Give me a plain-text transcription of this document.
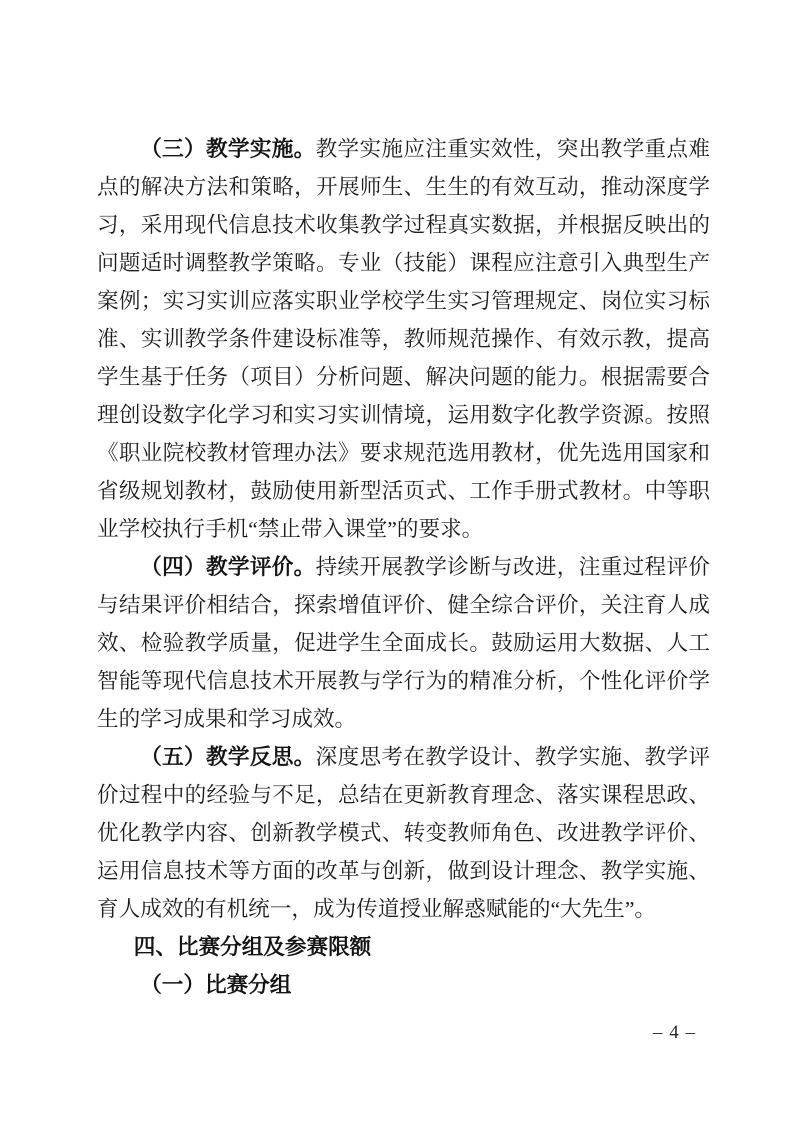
（三）教学实施。教学实施应注重实效性，突出教学重点难点的解决方法和策略，开展师生、生生的有效互动，推动深度学习，采用现代信息技术收集教学过程真实数据，并根据反映出的问题适时调整教学策略。专业（技能）课程应注意引入典型生产案例；实习实训应落实职业学校学生实习管理规定、岗位实习标准、实训教学条件建设标准等，教师规范操作、有效示教，提高学生基于任务（项目）分析问题、解决问题的能力。根据需要合理创设数字化学习和实习实训情境，运用数字化教学资源。按照《职业院校教材管理办法》要求规范选用教材，优先选用国家和省级规划教材，鼓励使用新型活页式、工作手册式教材。中等职业学校执行手机“禁止带入课堂”的要求。

（四）教学评价。持续开展教学诊断与改进，注重过程评价与结果评价相结合，探索增值评价、健全综合评价，关注育人成效、检验教学质量，促进学生全面成长。鼓励运用大数据、人工智能等现代信息技术开展教与学行为的精准分析，个性化评价学生的学习成果和学习成效。

（五）教学反思。深度思考在教学设计、教学实施、教学评价过程中的经验与不足，总结在更新教育理念、落实课程思政、优化教学内容、创新教学模式、转变教师角色、改进教学评价、运用信息技术等方面的改革与创新，做到设计理念、教学实施、育人成效的有机统一，成为传道授业解惑赋能的“大先生”。

四、比赛分组及参赛限额

（一）比赛分组

– 4 –
